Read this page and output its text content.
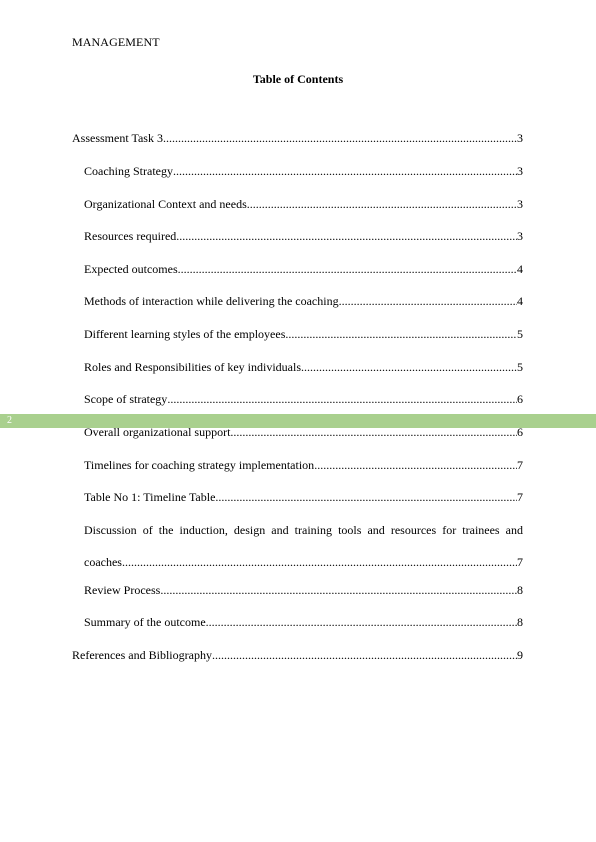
MANAGEMENT
Table of Contents
2
Assessment Task 3 .....	3
Coaching Strategy .....	3
Organizational Context and needs .....	3
Resources required .....	3
Expected outcomes .....	4
Methods of interaction while delivering the coaching .....	4
Different learning styles of the employees .....	5
Roles and Responsibilities of key individuals .....	5
Scope of strategy .....	6
Overall organizational support .....	6
Timelines for coaching strategy implementation .....	7
Table No 1: Timeline Table .....	7
Discussion of the induction, design and training tools and resources for trainees and
coaches .....	7
Review Process .....	8
Summary of the outcome .....	8
References and Bibliography .....	9
